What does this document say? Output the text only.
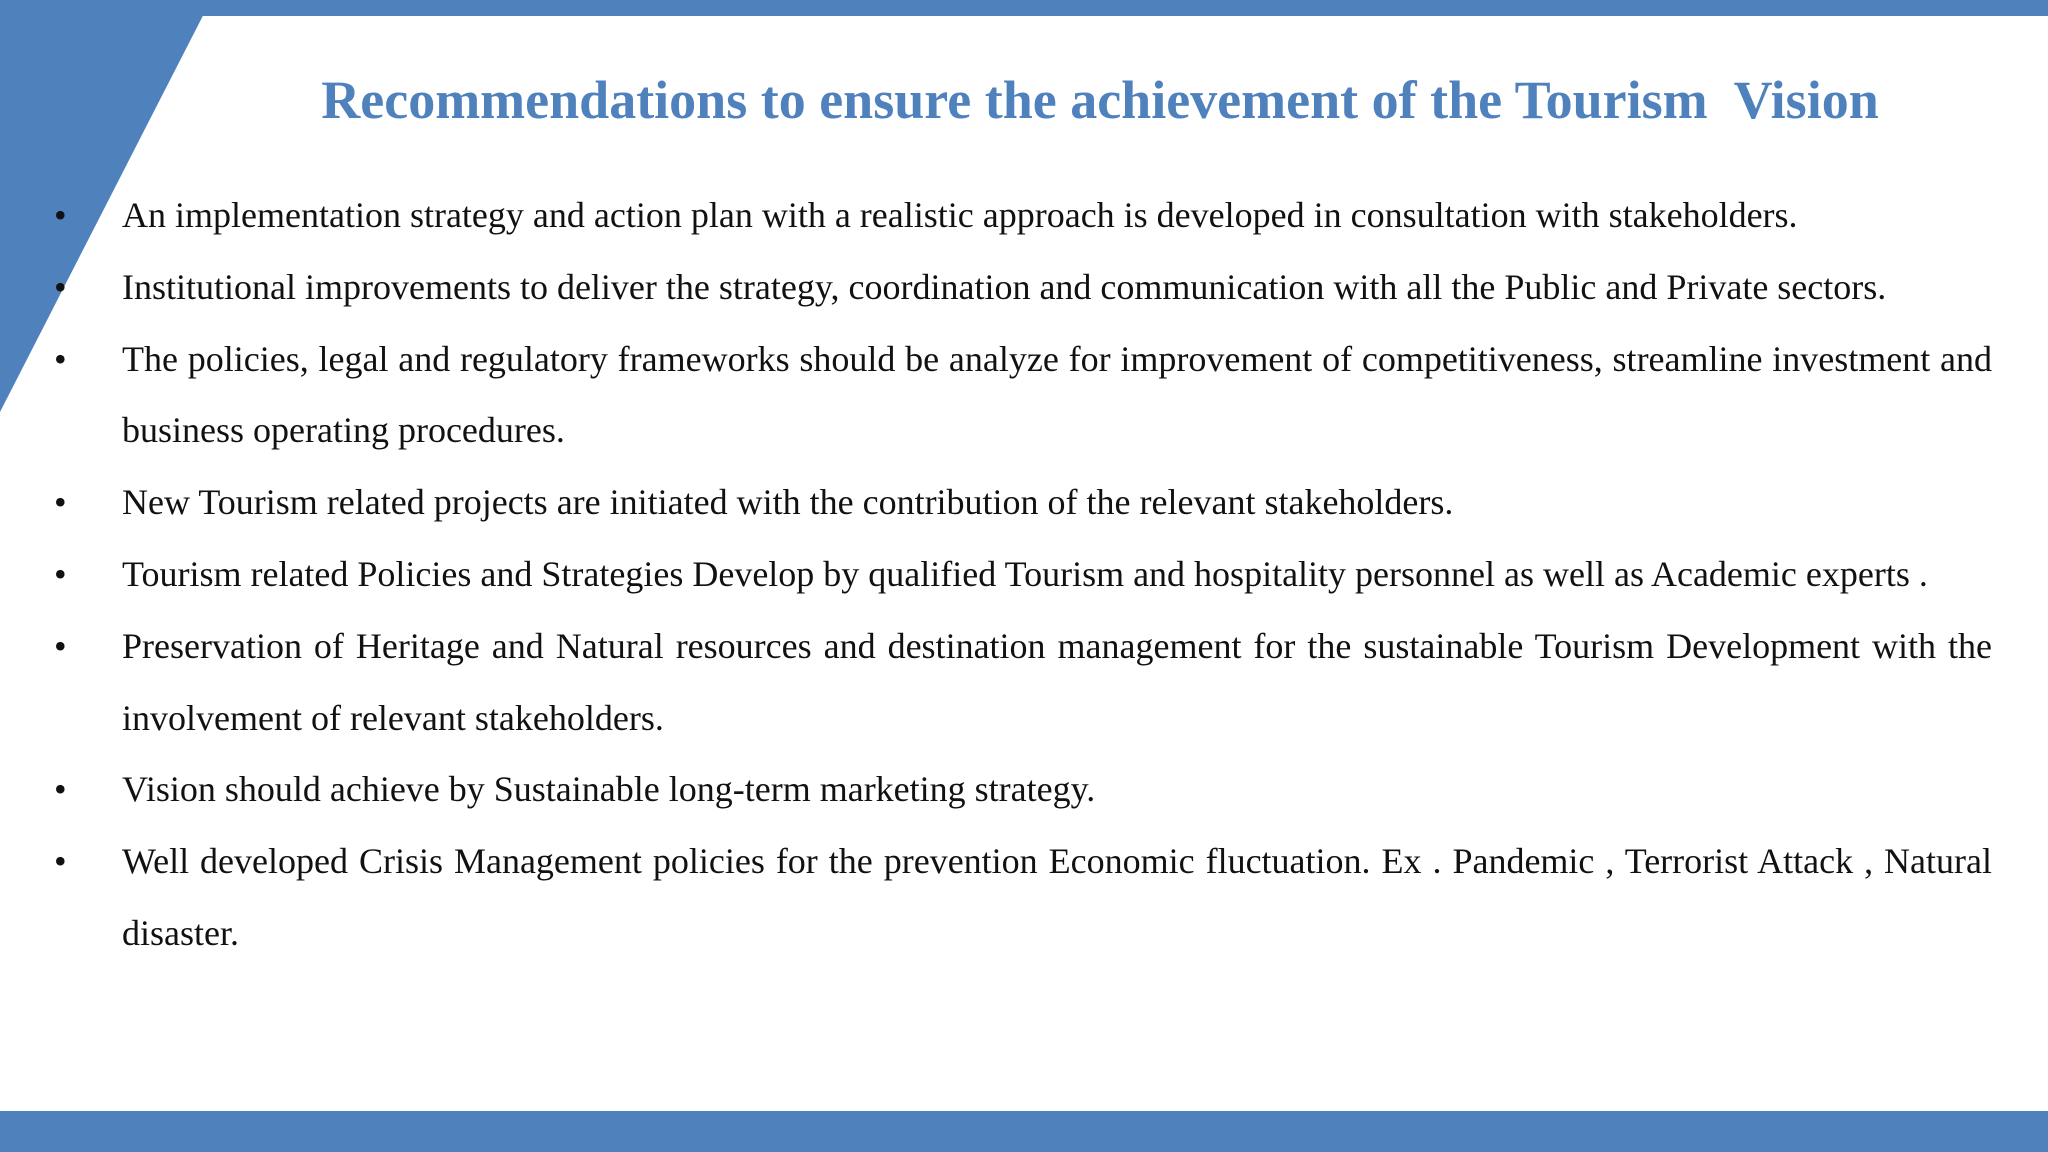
Recommendations to ensure the achievement of the Tourism  Vision
• An implementation strategy and action plan with a realistic approach is developed in consultation with stakeholders.
• Institutional improvements to deliver the strategy, coordination and communication with all the Public and Private sectors.
• The policies, legal and regulatory frameworks should be analyze for improvement of competitiveness, streamline investment and business operating procedures.
• New Tourism related projects are initiated with the contribution of the relevant stakeholders.
• Tourism related Policies and Strategies Develop by qualified Tourism and hospitality personnel as well as Academic experts .
• Preservation of Heritage and Natural resources and destination management for the sustainable Tourism Development with the involvement of relevant stakeholders.
• Vision should achieve by Sustainable long-term marketing strategy.
• Well developed Crisis Management policies for the prevention Economic fluctuation. Ex . Pandemic , Terrorist Attack , Natural disaster.
